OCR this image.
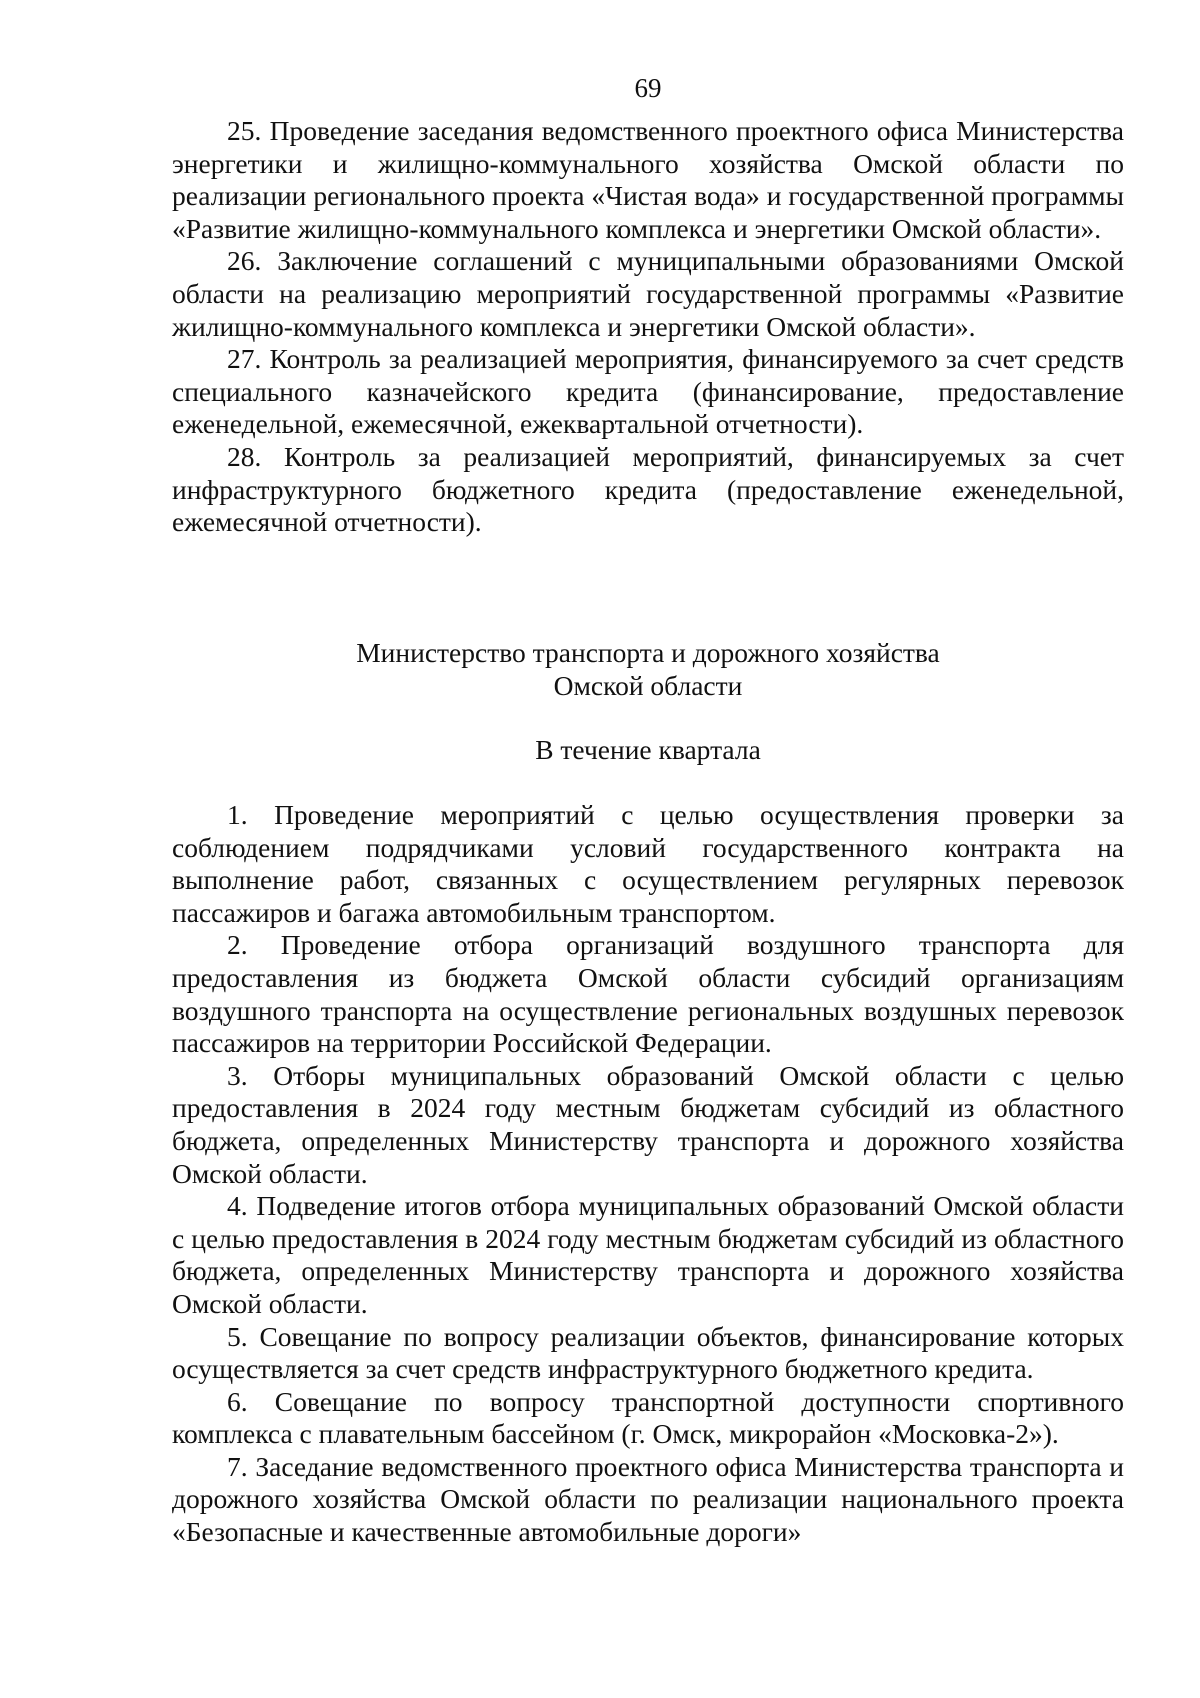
69

25. Проведение заседания ведомственного проектного офиса Министерства энергетики и жилищно-коммунального хозяйства Омской области по реализации регионального проекта «Чистая вода» и государственной программы «Развитие жилищно-коммунального комплекса и энергетики Омской области».

26. Заключение соглашений с муниципальными образованиями Омской области на реализацию мероприятий государственной программы «Развитие жилищно-коммунального комплекса и энергетики Омской области».

27. Контроль за реализацией мероприятия, финансируемого за счет средств специального казначейского кредита (финансирование, предоставление еженедельной, ежемесячной, ежеквартальной отчетности).

28. Контроль за реализацией мероприятий, финансируемых за счет инфраструктурного бюджетного кредита (предоставление еженедельной, ежемесячной отчетности).

Министерство транспорта и дорожного хозяйства
Омской области
В течение квартала

1. Проведение мероприятий с целью осуществления проверки за соблюдением подрядчиками условий государственного контракта на выполнение работ, связанных с осуществлением регулярных перевозок пассажиров и багажа автомобильным транспортом.

2. Проведение отбора организаций воздушного транспорта для предоставления из бюджета Омской области субсидий организациям воздушного транспорта на осуществление региональных воздушных перевозок пассажиров на территории Российской Федерации.

3. Отборы муниципальных образований Омской области с целью предоставления в 2024 году местным бюджетам субсидий из областного бюджета, определенных Министерству транспорта и дорожного хозяйства Омской области.

4. Подведение итогов отбора муниципальных образований Омской области с целью предоставления в 2024 году местным бюджетам субсидий из областного бюджета, определенных Министерству транспорта и дорожного хозяйства Омской области.

5. Совещание по вопросу реализации объектов, финансирование которых осуществляется за счет средств инфраструктурного бюджетного кредита.

6. Совещание по вопросу транспортной доступности спортивного комплекса с плавательным бассейном (г. Омск, микрорайон «Московка-2»).

7. Заседание ведомственного проектного офиса Министерства транспорта и дорожного хозяйства Омской области по реализации национального проекта «Безопасные и качественные автомобильные дороги»
